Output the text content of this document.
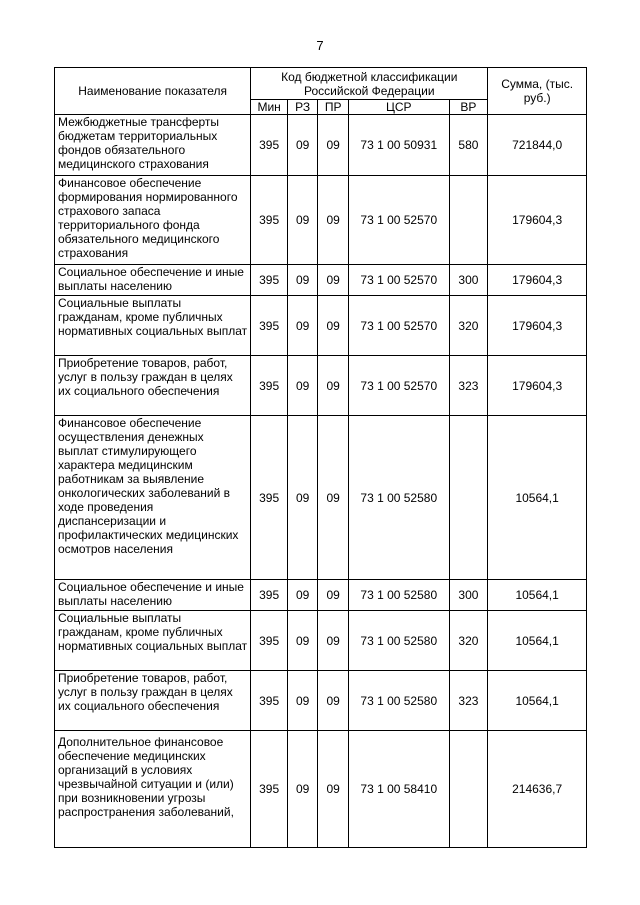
7
Наименование показателя	Код бюджетной классификации Российской Федерации					Сумма, (тыс. руб.)
	Мин	РЗ	ПР	ЦСР	ВР	
Межбюджетные трансферты бюджетам территориальных фондов обязательного медицинского страхования	395	09	09	73 1 00 50931	580	721844,0
Финансовое обеспечение формирования нормированного страхового запаса территориального фонда обязательного медицинского страхования	395	09	09	73 1 00 52570		179604,3
Социальное обеспечение и иные выплаты населению	395	09	09	73 1 00 52570	300	179604,3
Социальные выплаты гражданам, кроме публичных нормативных социальных выплат	395	09	09	73 1 00 52570	320	179604,3
Приобретение товаров, работ, услуг в пользу граждан в целях их социального обеспечения	395	09	09	73 1 00 52570	323	179604,3
Финансовое обеспечение осуществления денежных выплат стимулирующего характера медицинским работникам за выявление онкологических заболеваний в ходе проведения диспансеризации и профилактических медицинских осмотров населения	395	09	09	73 1 00 52580		10564,1
Социальное обеспечение и иные выплаты населению	395	09	09	73 1 00 52580	300	10564,1
Социальные выплаты гражданам, кроме публичных нормативных социальных выплат	395	09	09	73 1 00 52580	320	10564,1
Приобретение товаров, работ, услуг в пользу граждан в целях их социального обеспечения	395	09	09	73 1 00 52580	323	10564,1
Дополнительное финансовое обеспечение медицинских организаций в условиях чрезвычайной ситуации и (или) при возникновении угрозы распространения заболеваний,	395	09	09	73 1 00 58410		214636,7
